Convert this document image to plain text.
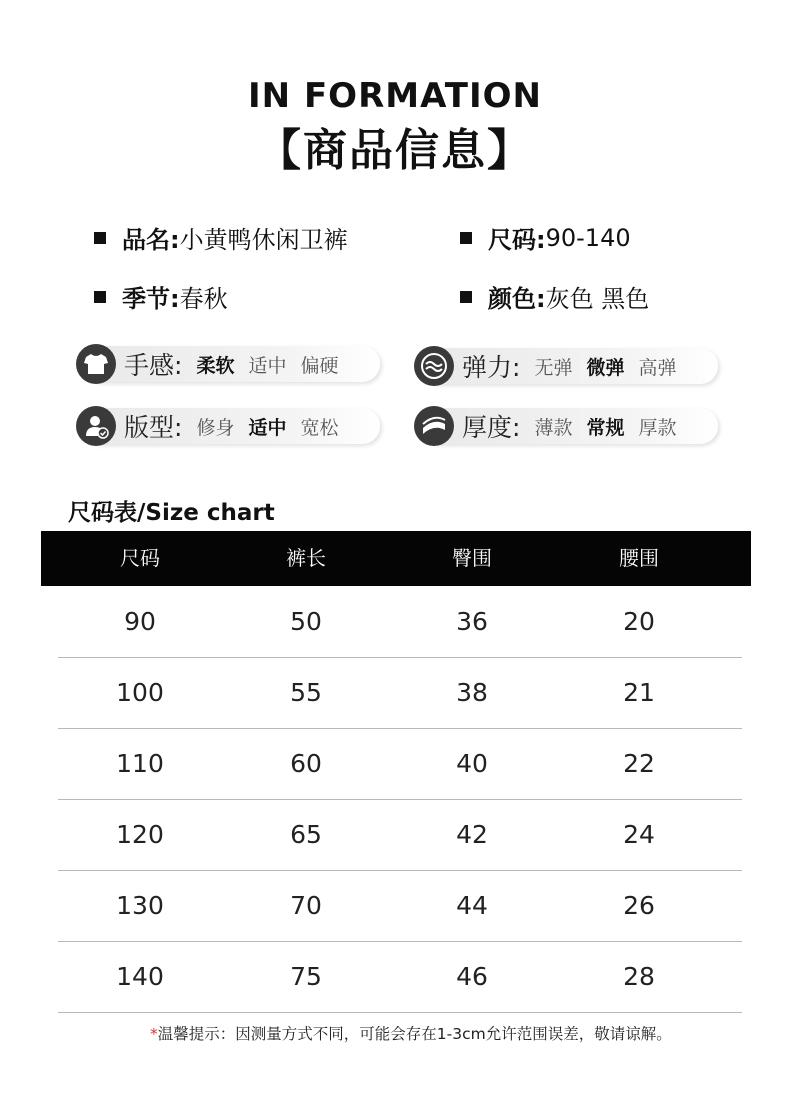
IN FORMATION
【商品信息】
品名: 小黄鸭休闲卫裤	尺码: 90-140
季节: 春秋	颜色: 灰色 黑色
手感: 柔软 适中 偏硬	弹力: 无弹 微弹 高弹
版型: 修身 适中 宽松	厚度: 薄款 常规 厚款
尺码表/Size chart
尺码	裤长	臀围	腰围
90	50	36	20
100	55	38	21
110	60	40	22
120	65	42	24
130	70	44	26
140	75	46	28
*温馨提示：因测量方式不同，可能会存在1-3cm允许范围误差，敬请谅解。
